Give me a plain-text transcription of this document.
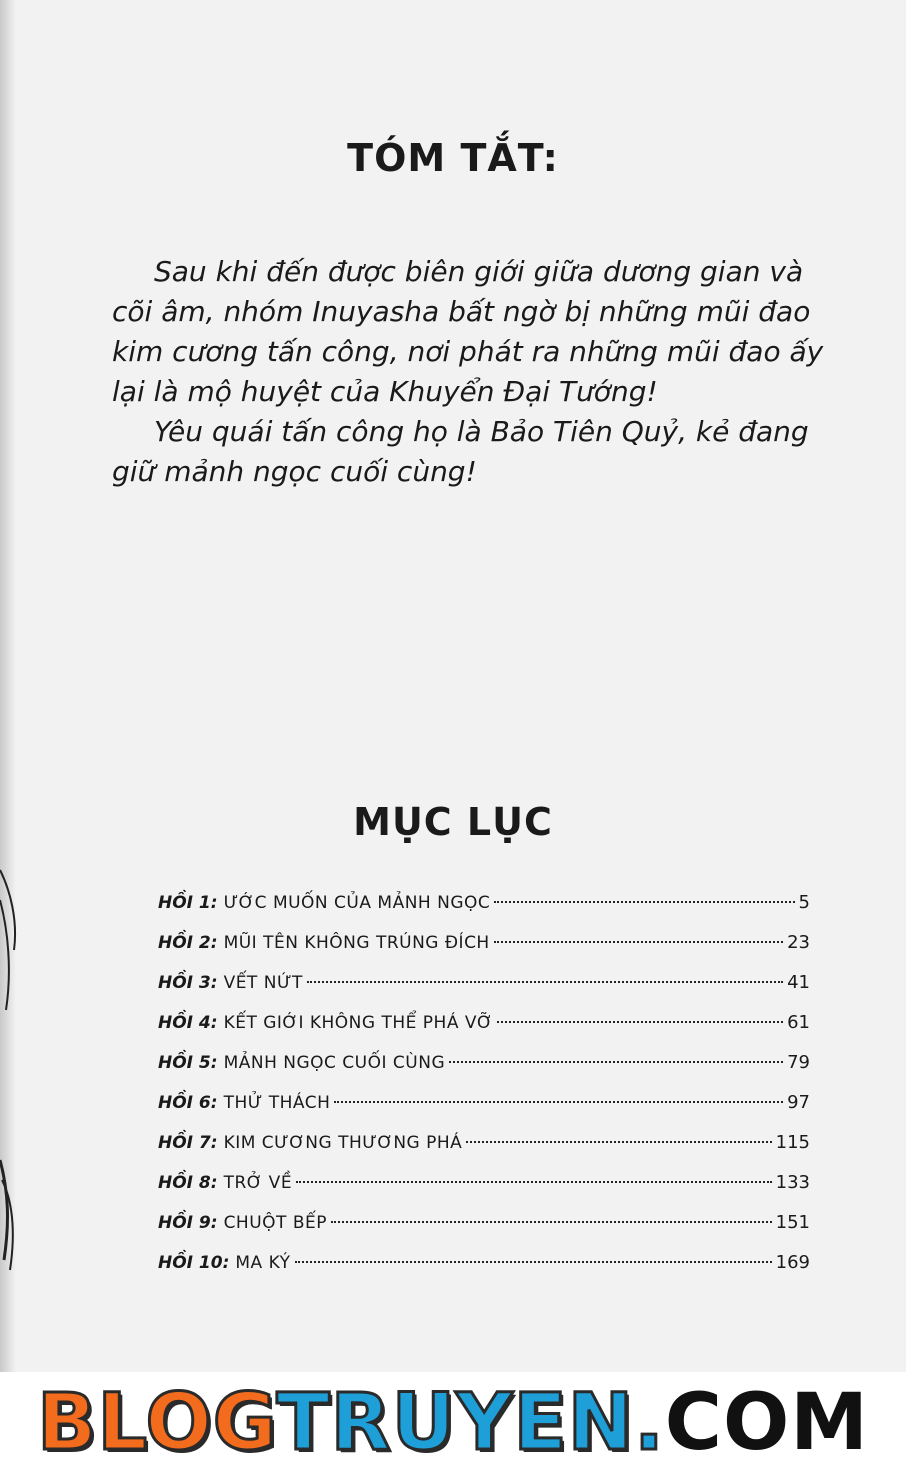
TÓM TẮT:

Sau khi đến được biên giới giữa dương gian và cõi âm, nhóm Inuyasha bất ngờ bị những mũi đao kim cương tấn công, nơi phát ra những mũi đao ấy lại là mộ huyệt của Khuyển Đại Tướng!

Yêu quái tấn công họ là Bảo Tiên Quỷ, kẻ đang giữ mảnh ngọc cuối cùng!

MỤC LỤC
HỒI 1: ƯỚC MUỐN CỦA MẢNH NGỌC	5
HỒI 2: MŨI TÊN KHÔNG TRÚNG ĐÍCH	23
HỒI 3: VẾT NỨT	41
HỒI 4: KẾT GIỚI KHÔNG THỂ PHÁ VỠ	61
HỒI 5: MẢNH NGỌC CUỐI CÙNG	79
HỒI 6: THỬ THÁCH	97
HỒI 7: KIM CƯƠNG THƯƠNG PHÁ	115
HỒI 8: TRỞ VỀ	133
HỒI 9: CHUỘT BẾP	151
HỒI 10: MA KÝ	169
BLOGTRUYEN.COM
